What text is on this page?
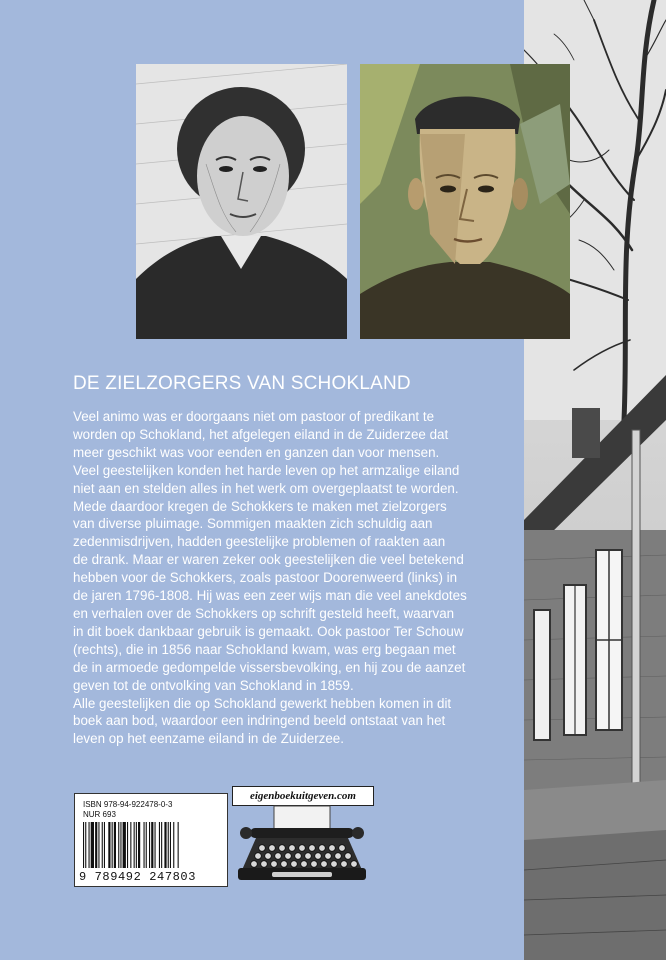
DE ZIELZORGERS VAN SCHOKLAND
Veel animo was er doorgaans niet om pastoor of predikant te
worden op Schokland, het afgelegen eiland in de Zuiderzee dat
meer geschikt was voor eenden en ganzen dan voor mensen.
Veel geestelijken konden het harde leven op het armzalige eiland
niet aan en stelden alles in het werk om overgeplaatst te worden.
Mede daardoor kregen de Schokkers te maken met zielzorgers
van diverse pluimage. Sommigen maakten zich schuldig aan
zedenmisdrijven, hadden geestelijke problemen of raakten aan
de drank. Maar er waren zeker ook geestelijken die veel betekend
hebben voor de Schokkers, zoals pastoor Doorenweerd (links) in
de jaren 1796-1808. Hij was een zeer wijs man die veel anekdotes
en verhalen over de Schokkers op schrift gesteld heeft, waarvan
in dit boek dankbaar gebruik is gemaakt. Ook pastoor Ter Schouw
(rechts), die in 1856 naar Schokland kwam, was erg begaan met
de in armoede gedompelde vissersbevolking, en hij zou de aanzet
geven tot de ontvolking van Schokland in 1859.
Alle geestelijken die op Schokland gewerkt hebben komen in dit
boek aan bod, waardoor een indringend beeld ontstaat van het
leven op het eenzame eiland in de Zuiderzee.
ISBN 978-94-922478-0-3
NUR 693
9 789492 247803
eigenboekuitgeven.com
